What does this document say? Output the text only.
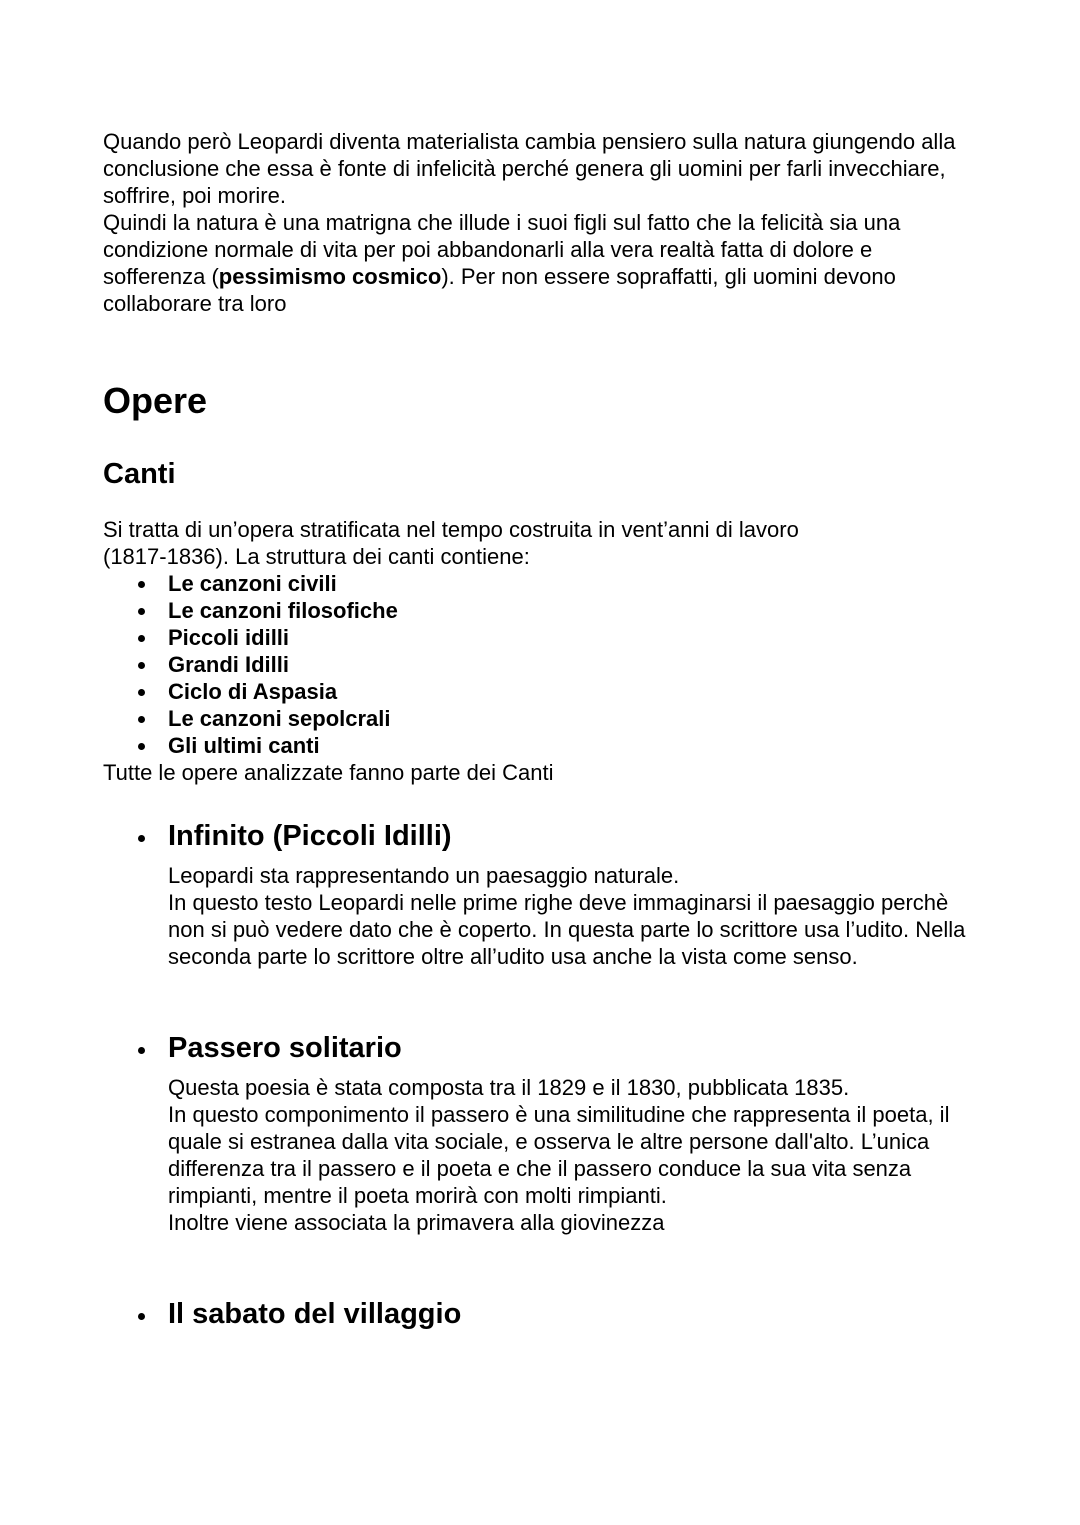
Quando però Leopardi diventa materialista cambia pensiero sulla natura giungendo alla conclusione che essa è fonte di infelicità perché genera gli uomini per farli invecchiare, soffrire, poi morire.

Quindi la natura è una matrigna che illude i suoi figli sul fatto che la felicità sia una condizione normale di vita per poi abbandonarli alla vera realtà fatta di dolore e sofferenza (pessimismo cosmico). Per non essere sopraffatti, gli uomini devono collaborare tra loro

Opere
Canti

Si tratta di un’opera stratificata nel tempo costruita in vent’anni di lavoro

(1817-1836). La struttura dei canti contiene:

Le canzoni civili
Le canzoni filosofiche
Piccoli idilli
Grandi Idilli
Ciclo di Aspasia
Le canzoni sepolcrali
Gli ultimi canti

Tutte le opere analizzate fanno parte dei Canti

Infinito (Piccoli Idilli)

Leopardi sta rappresentando un paesaggio naturale.

In questo testo Leopardi nelle prime righe deve immaginarsi il paesaggio perchè non si può vedere dato che è coperto. In questa parte lo scrittore usa l’udito. Nella seconda parte lo scrittore oltre all’udito usa anche la vista come senso.

Passero solitario

Questa poesia è stata composta tra il 1829 e il 1830, pubblicata 1835.

In questo componimento il passero è una similitudine che rappresenta il poeta, il quale si estranea dalla vita sociale, e osserva le altre persone dall'alto. L’unica differenza tra il passero e il poeta e che il passero conduce la sua vita senza rimpianti, mentre il poeta morirà con molti rimpianti.

Inoltre viene associata la primavera alla giovinezza

Il sabato del villaggio
